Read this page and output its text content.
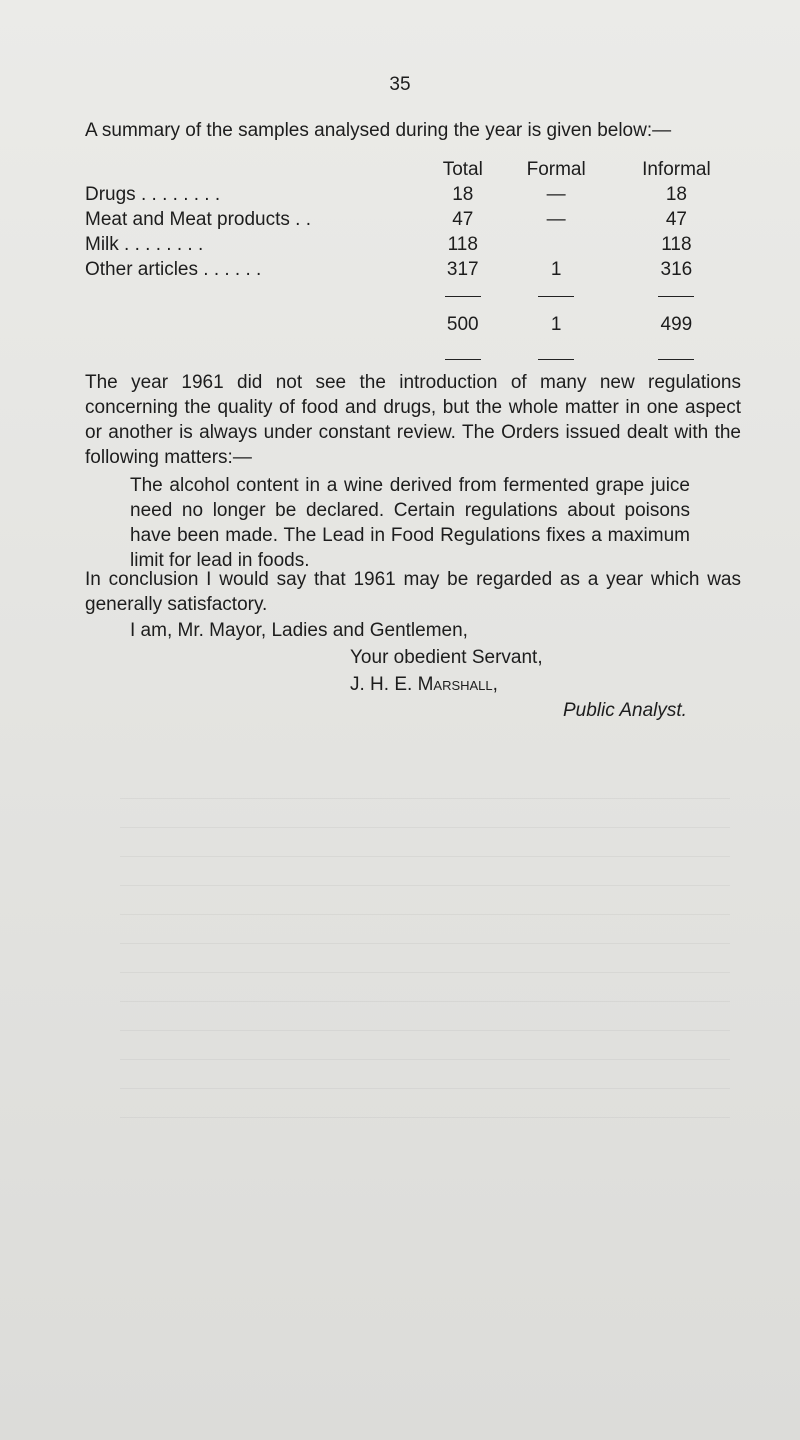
35
A summary of the samples analysed during the year is given below:—
	Total	Formal	Informal
Drugs . . . . . . . .	18	—	18
Meat and Meat products . .	47	—	47
Milk . . . . . . . .	118		118
Other articles . . . . . .	317	1	316

	500	1	499

The year 1961 did not see the introduction of many new regulations concerning the quality of food and drugs, but the whole matter in one aspect or another is always under constant review. The Orders issued dealt with the following matters:—
The alcohol content in a wine derived from fermented grape juice need no longer be declared. Certain regulations about poisons have been made. The Lead in Food Regulations fixes a maximum limit for lead in foods.
In conclusion I would say that 1961 may be regarded as a year which was generally satisfactory.
I am, Mr. Mayor, Ladies and Gentlemen,
Your obedient Servant,
J. H. E. Marshall,
Public Analyst.
